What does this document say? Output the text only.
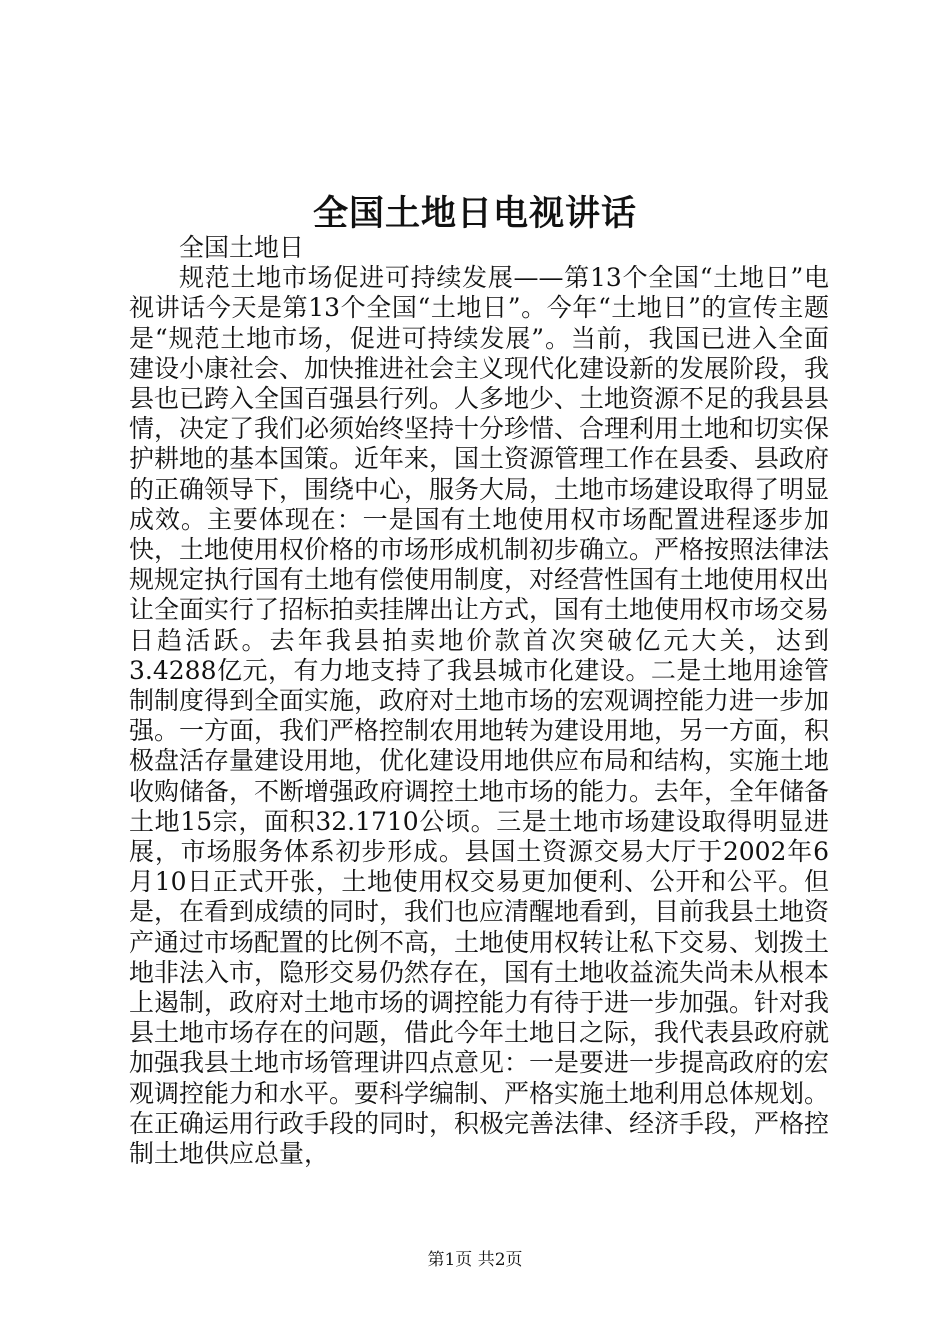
全国土地日电视讲话

全国土地日

规范土地市场促进可持续发展——第13个全国“土地日”电视讲话今天是第13个全国“土地日”。今年“土地日”的宣传主题是“规范土地市场，促进可持续发展”。当前，我国已进入全面建设小康社会、加快推进社会主义现代化建设新的发展阶段，我县也已跨入全国百强县行列。人多地少、土地资源不足的我县县情，决定了我们必须始终坚持十分珍惜、合理利用土地和切实保护耕地的基本国策。近年来，国土资源管理工作在县委、县政府的正确领导下，围绕中心，服务大局，土地市场建设取得了明显成效。主要体现在：一是国有土地使用权市场配置进程逐步加快，土地使用权价格的市场形成机制初步确立。严格按照法律法规规定执行国有土地有偿使用制度，对经营性国有土地使用权出让全面实行了招标拍卖挂牌出让方式，国有土地使用权市场交易日趋活跃。去年我县拍卖地价款首次突破亿元大关，达到3.4288亿元，有力地支持了我县城市化建设。二是土地用途管制制度得到全面实施，政府对土地市场的宏观调控能力进一步加强。一方面，我们严格控制农用地转为建设用地，另一方面，积极盘活存量建设用地，优化建设用地供应布局和结构，实施土地收购储备，不断增强政府调控土地市场的能力。去年，全年储备土地15宗，面积32.1710公顷。三是土地市场建设取得明显进展，市场服务体系初步形成。县国土资源交易大厅于2002年6月10日正式开张，土地使用权交易更加便利、公开和公平。但是，在看到成绩的同时，我们也应清醒地看到，目前我县土地资产通过市场配置的比例不高，土地使用权转让私下交易、划拨土地非法入市，隐形交易仍然存在，国有土地收益流失尚未从根本上遏制，政府对土地市场的调控能力有待于进一步加强。针对我县土地市场存在的问题，借此今年土地日之际，我代表县政府就加强我县土地市场管理讲四点意见：一是要进一步提高政府的宏观调控能力和水平。要科学编制、严格实施土地利用总体规划。在正确运用行政手段的同时，积极完善法律、经济手段，严格控制土地供应总量，

第1页 共2页
